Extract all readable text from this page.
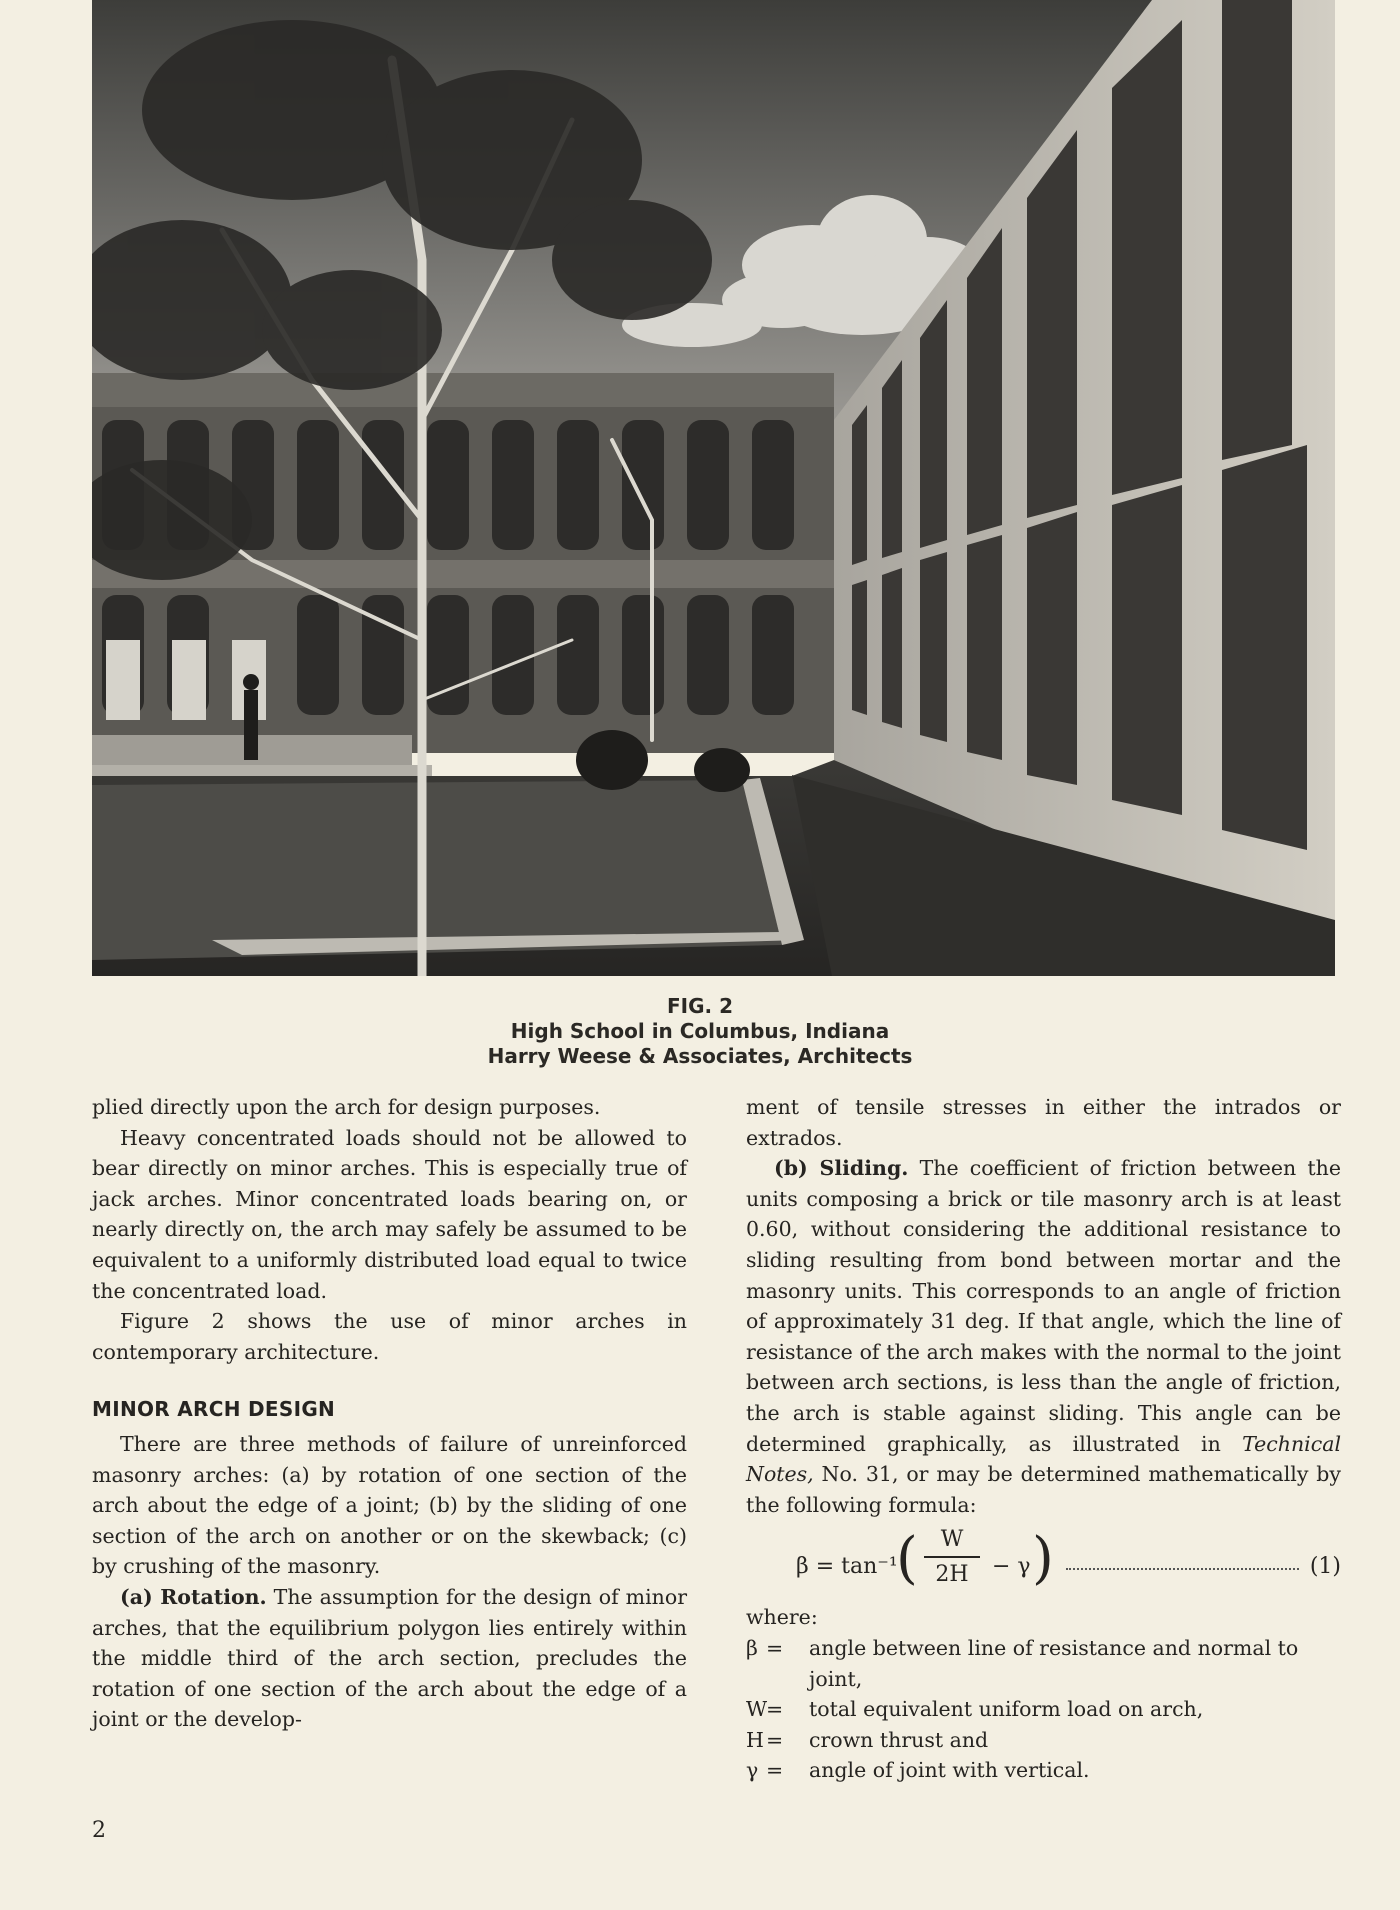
FIG. 2
High School in Columbus, Indiana
Harry Weese & Associates, Architects

plied directly upon the arch for design purposes.

Heavy concentrated loads should not be allowed to bear directly on minor arches. This is especially true of jack arches. Minor concentrated loads bearing on, or nearly directly on, the arch may safely be assumed to be equivalent to a uniformly distributed load equal to twice the concentrated load.

Figure 2 shows the use of minor arches in contemporary architecture.

MINOR ARCH DESIGN

There are three methods of failure of unreinforced masonry arches: (a) by rotation of one section of the arch about the edge of a joint; (b) by the sliding of one section of the arch on another or on the skewback; (c) by crushing of the masonry.

(a) Rotation. The assumption for the design of minor arches, that the equilibrium polygon lies entirely within the middle third of the arch section, precludes the rotation of one section of the arch about the edge of a joint or the develop-

ment of tensile stresses in either the intrados or extrados.

(b) Sliding. The coefficient of friction between the units composing a brick or tile masonry arch is at least 0.60, without considering the additional resistance to sliding resulting from bond between mortar and the masonry units. This corresponds to an angle of friction of approximately 31 deg. If that angle, which the line of resistance of the arch makes with the normal to the joint between arch sections, is less than the angle of friction, the arch is stable against sliding. This angle can be determined graphically, as illustrated in Technical Notes, No. 31, or may be determined mathematically by the following formula:

β = tan⁻¹
( $\frac{W}{2H} - \gamma$ )	(1)
where:
β = angle between line of resistance and normal to joint,
W
= total equivalent uniform load on arch,
H = crown thrust and
γ = angle of joint with vertical.
2
